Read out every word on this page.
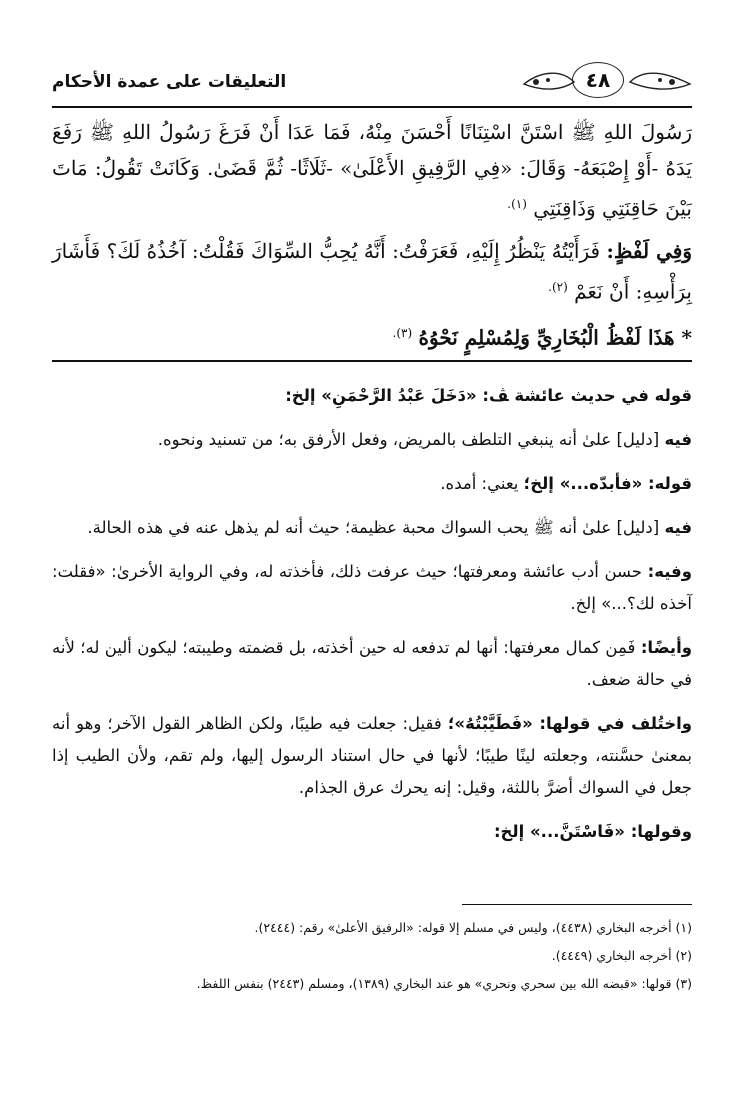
٤٨
التعليقات على عمدة الأحكام

رَسُولَ اللهِ ﷺ اسْتَنَّ اسْتِنَانًا أَحْسَنَ مِنْهُ، فَمَا عَدَا أَنْ فَرَغَ رَسُولُ اللهِ ﷺ رَفَعَ يَدَهُ -أَوْ إِصْبَعَهُ- وَقَالَ: «فِي الرَّفِيقِ الأَعْلَىٰ» -ثَلَاثًا- ثُمَّ قَضَىٰ. وَكَانَتْ تَقُولُ: مَاتَ بَيْنَ حَاقِنَتِي وَذَاقِنَتِي $^{(١).}$

وَفِي لَفْظٍ: فَرَأَيْتُهُ يَنْظُرُ إِلَيْهِ، فَعَرَفْتُ: أَنَّهُ يُحِبُّ السِّوَاكَ فَقُلْتُ: آخُذُهُ لَكَ؟ فَأَشَارَ بِرَأْسِهِ: أَنْ نَعَمْ $^{(٢).}$

* هَذَا لَفْظُ الْبُخَارِيِّ وَلِمُسْلِمٍ نَحْوُهُ $^{(٣).}$

قوله في حديث عائشة ﭫ: «دَخَلَ عَبْدُ الرَّحْمَنِ» إلخ:

فيه [دليل] علىٰ أنه ينبغي التلطف بالمريض، وفعل الأرفق به؛ من تسنيد ونحوه.

قوله: «فأبدّه...» إلخ؛ يعني: أمده.

فيه [دليل] علىٰ أنه ﷺ يحب السواك محبة عظيمة؛ حيث أنه لم يذهل عنه في هذه الحالة.

وفيه: حسن أدب عائشة ومعرفتها؛ حيث عرفت ذلك، فأخذته له، وفي الرواية الأخرىٰ: «فقلت: آخذه لك؟...» إلخ.

وأيضًا: فَمِن كمال معرفتها: أنها لم تدفعه له حين أخذته، بل قضمته وطيبته؛ ليكون ألين له؛ لأنه في حالة ضعف.

واختُلف في قولها: «فَطَيَّبْتُهُ»؛ فقيل: جعلت فيه طيبًا، ولكن الظاهر القول الآخر؛ وهو أنه بمعنىٰ حسَّنته، وجعلته لينًا طيبًا؛ لأنها في حال استناد الرسول إليها، ولم تقم، ولأن الطيب إذا جعل في السواك أضرَّ باللثة، وقيل: إنه يحرك عرق الجذام.

وقولها: «فَاسْتَنَّ...» إلخ:

(١) أخرجه البخاري (٤٤٣٨)، وليس في مسلم إلا قوله: «الرفيق الأعلىٰ» رقم: (٢٤٤٤).

(٢) أخرجه البخاري (٤٤٤٩).

(٣) قولها: «قبضه الله بين سحري ونحري» هو عند البخاري (١٣٨٩)، ومسلم (٢٤٤٣) بنفس اللفظ.
